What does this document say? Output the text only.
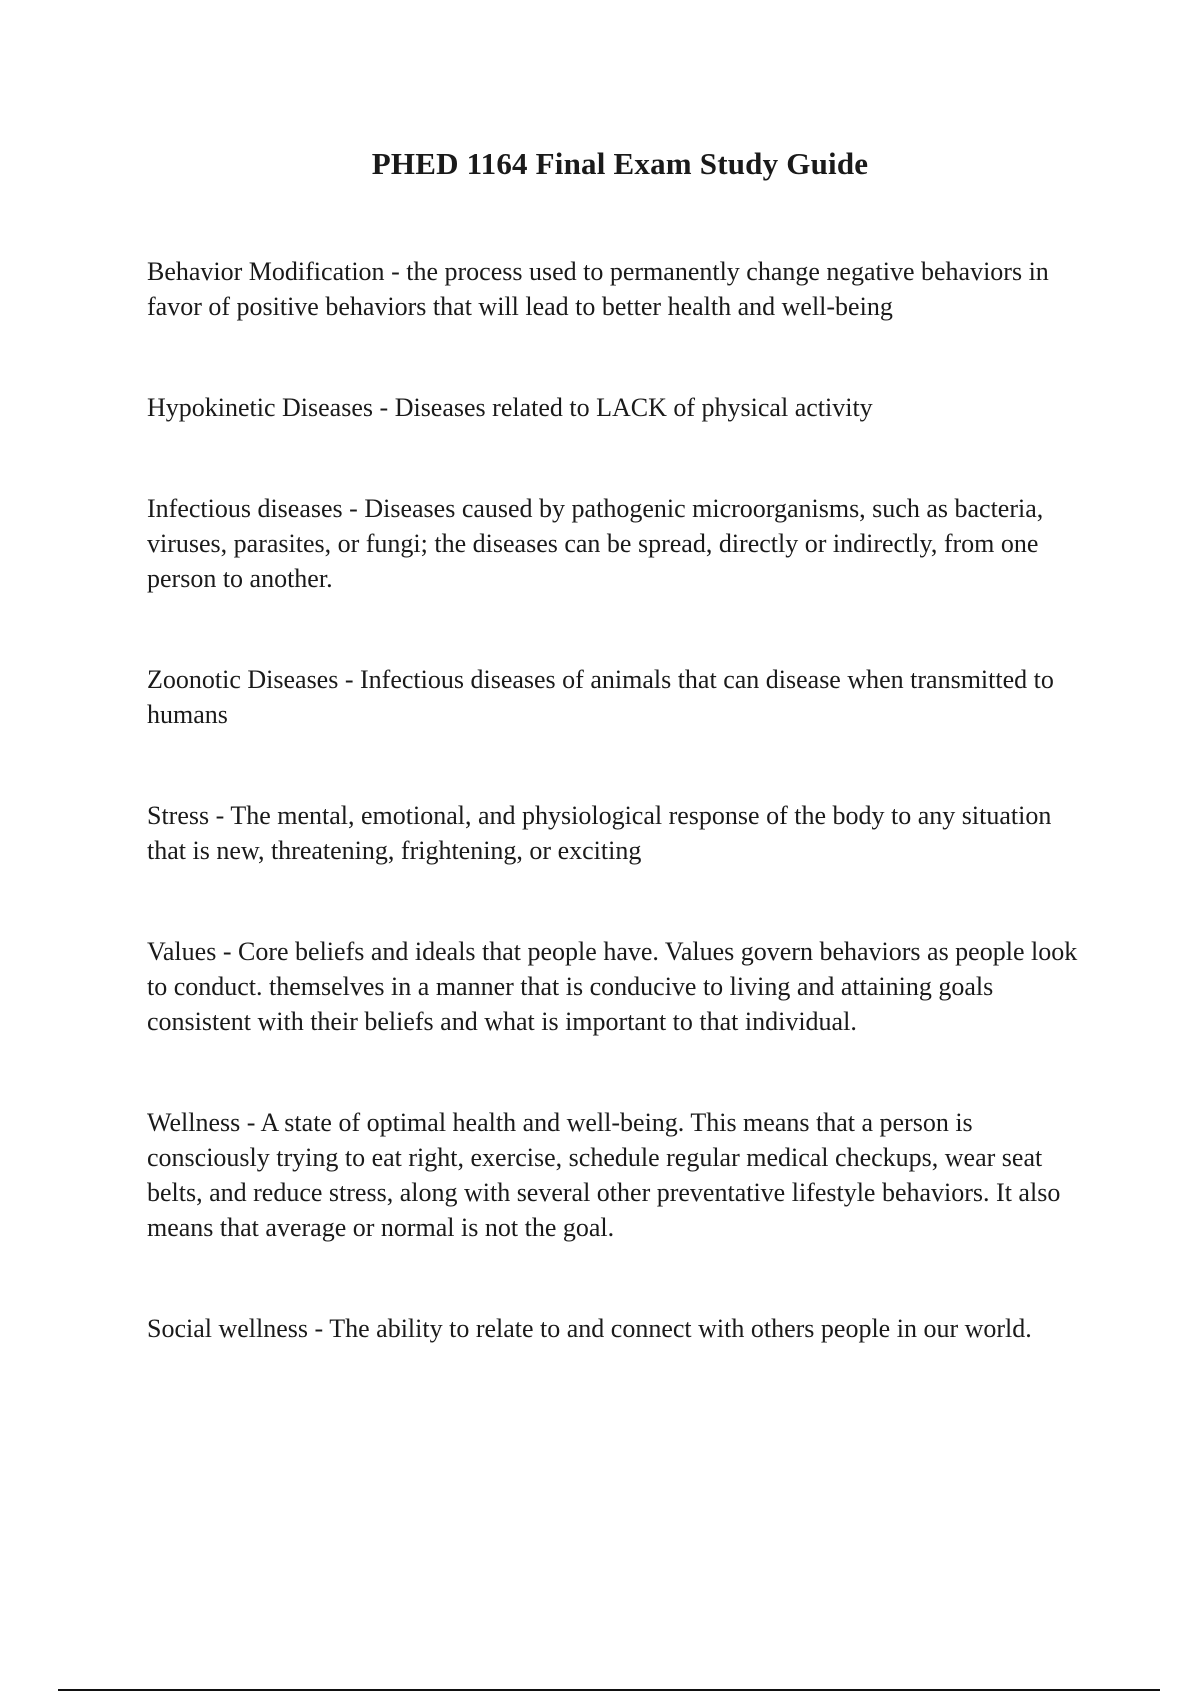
PHED 1164 Final Exam Study Guide

Behavior Modification - the process used to permanently change negative behaviors in favor of positive behaviors that will lead to better health and well-being

Hypokinetic Diseases - Diseases related to LACK of physical activity

Infectious diseases - Diseases caused by pathogenic microorganisms, such as bacteria, viruses, parasites, or fungi; the diseases can be spread, directly or indirectly, from one person to another.

Zoonotic Diseases - Infectious diseases of animals that can disease when transmitted to humans

Stress - The mental, emotional, and physiological response of the body to any situation that is new, threatening, frightening, or exciting

Values - Core beliefs and ideals that people have. Values govern behaviors as people look to conduct. themselves in a manner that is conducive to living and attaining goals consistent with their beliefs and what is important to that individual.

Wellness - A state of optimal health and well-being. This means that a person is consciously trying to eat right, exercise, schedule regular medical checkups, wear seat belts, and reduce stress, along with several other preventative lifestyle behaviors. It also means that average or normal is not the goal.

Social wellness - The ability to relate to and connect with others people in our world.
